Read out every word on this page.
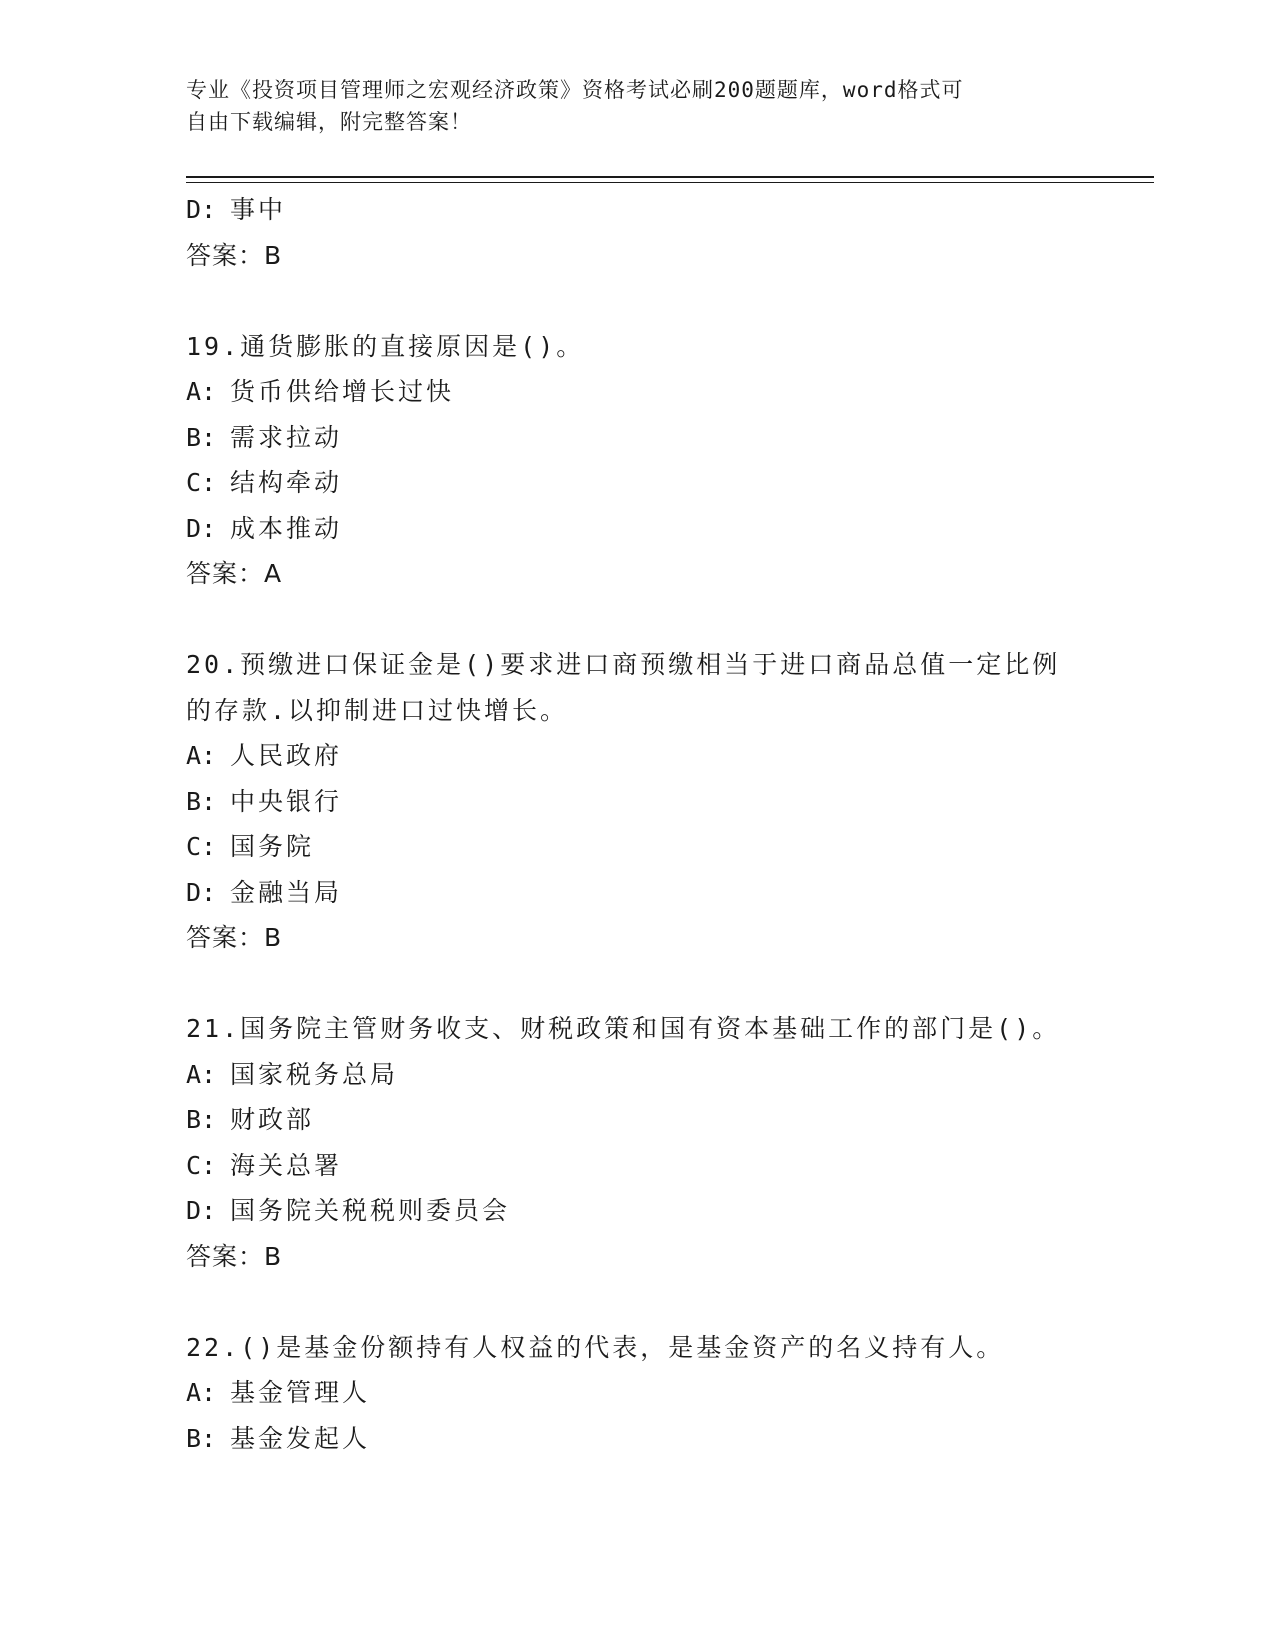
专业《投资项目管理师之宏观经济政策》资格考试必刷200题题库，word格式可
自由下载编辑，附完整答案！
D: 事中
答案：B
19.通货膨胀的直接原因是()。
A: 货币供给增长过快
B: 需求拉动
C: 结构牵动
D: 成本推动
答案：A
20.预缴进口保证金是()要求进口商预缴相当于进口商品总值一定比例
的存款.以抑制进口过快增长。
A: 人民政府
B: 中央银行
C: 国务院
D: 金融当局
答案：B
21.国务院主管财务收支、财税政策和国有资本基础工作的部门是()。
A: 国家税务总局
B: 财政部
C: 海关总署
D: 国务院关税税则委员会
答案：B
22.()是基金份额持有人权益的代表，是基金资产的名义持有人。
A: 基金管理人
B: 基金发起人
